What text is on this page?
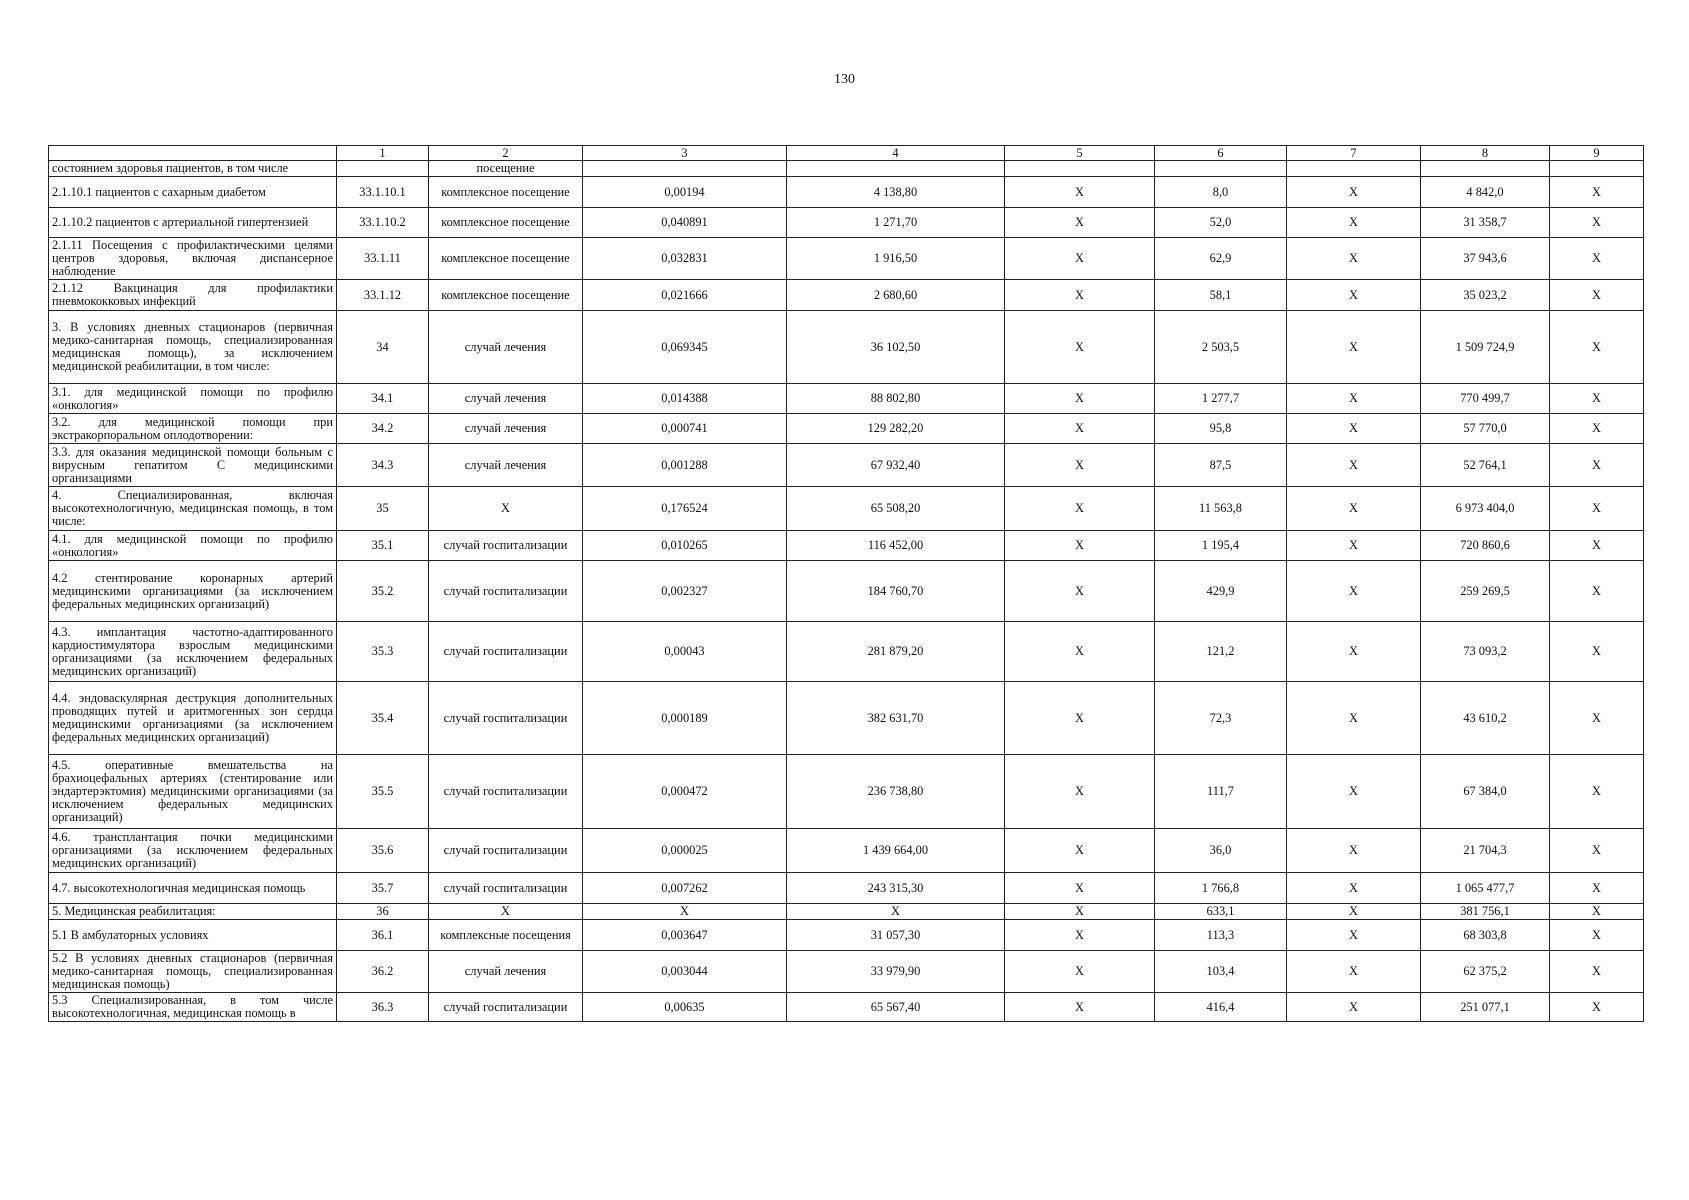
130
	1	2	3	4	5	6	7	8	9
состоянием здоровья пациентов, в том числе		посещение							
2.1.10.1 пациентов с сахарным диабетом	33.1.10.1	комплексное посещение	0,00194	4 138,80	Х	8,0	Х	4 842,0	Х
2.1.10.2 пациентов с артериальной гипертензией	33.1.10.2	комплексное посещение	0,040891	1 271,70	Х	52,0	Х	31 358,7	Х
2.1.11 Посещения с профилактическими целями центров здоровья, включая диспансерное наблюдение	33.1.11	комплексное посещение	0,032831	1 916,50	Х	62,9	Х	37 943,6	Х
2.1.12 Вакцинация для профилактики пневмококковых инфекций	33.1.12	комплексное посещение	0,021666	2 680,60	Х	58,1	Х	35 023,2	Х
3. В условиях дневных стационаров (первичная медико-санитарная помощь, специализированная медицинская помощь), за исключением медицинской реабилитации, в том числе:	34	случай лечения	0,069345	36 102,50	Х	2 503,5	Х	1 509 724,9	Х
3.1. для медицинской помощи по профилю «онкология»	34.1	случай лечения	0,014388	88 802,80	Х	1 277,7	Х	770 499,7	Х
3.2. для медицинской помощи при экстракорпоральном оплодотворении:	34.2	случай лечения	0,000741	129 282,20	Х	95,8	Х	57 770,0	Х
3.3. для оказания медицинской помощи больным с вирусным гепатитом С медицинскими организациями	34.3	случай лечения	0,001288	67 932,40	Х	87,5	Х	52 764,1	Х
4. Специализированная, включая высокотехнологичную, медицинская помощь, в том числе:	35	Х	0,176524	65 508,20	Х	11 563,8	Х	6 973 404,0	Х
4.1. для медицинской помощи по профилю «онкология»	35.1	случай госпитализации	0,010265	116 452,00	Х	1 195,4	Х	720 860,6	Х
4.2 стентирование коронарных артерий медицинскими организациями (за исключением федеральных медицинских организаций)	35.2	случай госпитализации	0,002327	184 760,70	Х	429,9	Х	259 269,5	Х
4.3. имплантация частотно-адаптированного кардиостимулятора взрослым медицинскими организациями (за исключением федеральных медицинских организаций)	35.3	случай госпитализации	0,00043	281 879,20	Х	121,2	Х	73 093,2	Х
4.4. эндоваскулярная деструкция дополнительных проводящих путей и аритмогенных зон сердца медицинскими организациями (за исключением федеральных медицинских организаций)	35.4	случай госпитализации	0,000189	382 631,70	Х	72,3	Х	43 610,2	Х
4.5. оперативные вмешательства на брахиоцефальных артериях (стентирование или эндартерэктомия) медицинскими организациями (за исключением федеральных медицинских организаций)	35.5	случай госпитализации	0,000472	236 738,80	Х	111,7	Х	67 384,0	Х
4.6. трансплантация почки медицинскими организациями (за исключением федеральных медицинских организаций)	35.6	случай госпитализации	0,000025	1 439 664,00	Х	36,0	Х	21 704,3	Х
4.7. высокотехнологичная медицинская помощь	35.7	случай госпитализации	0,007262	243 315,30	Х	1 766,8	Х	1 065 477,7	Х
5. Медицинская реабилитация:	36	Х	Х	Х	Х	633,1	Х	381 756,1	Х
5.1 В амбулаторных условиях	36.1	комплексные посещения	0,003647	31 057,30	Х	113,3	Х	68 303,8	Х
5.2 В условиях дневных стационаров (первичная медико-санитарная помощь, специализированная медицинская помощь)	36.2	случай лечения	0,003044	33 979,90	Х	103,4	Х	62 375,2	Х
5.3 Специализированная, в том числе высокотехнологичная, медицинская помощь в	36.3	случай госпитализации	0,00635	65 567,40	Х	416,4	Х	251 077,1	Х
